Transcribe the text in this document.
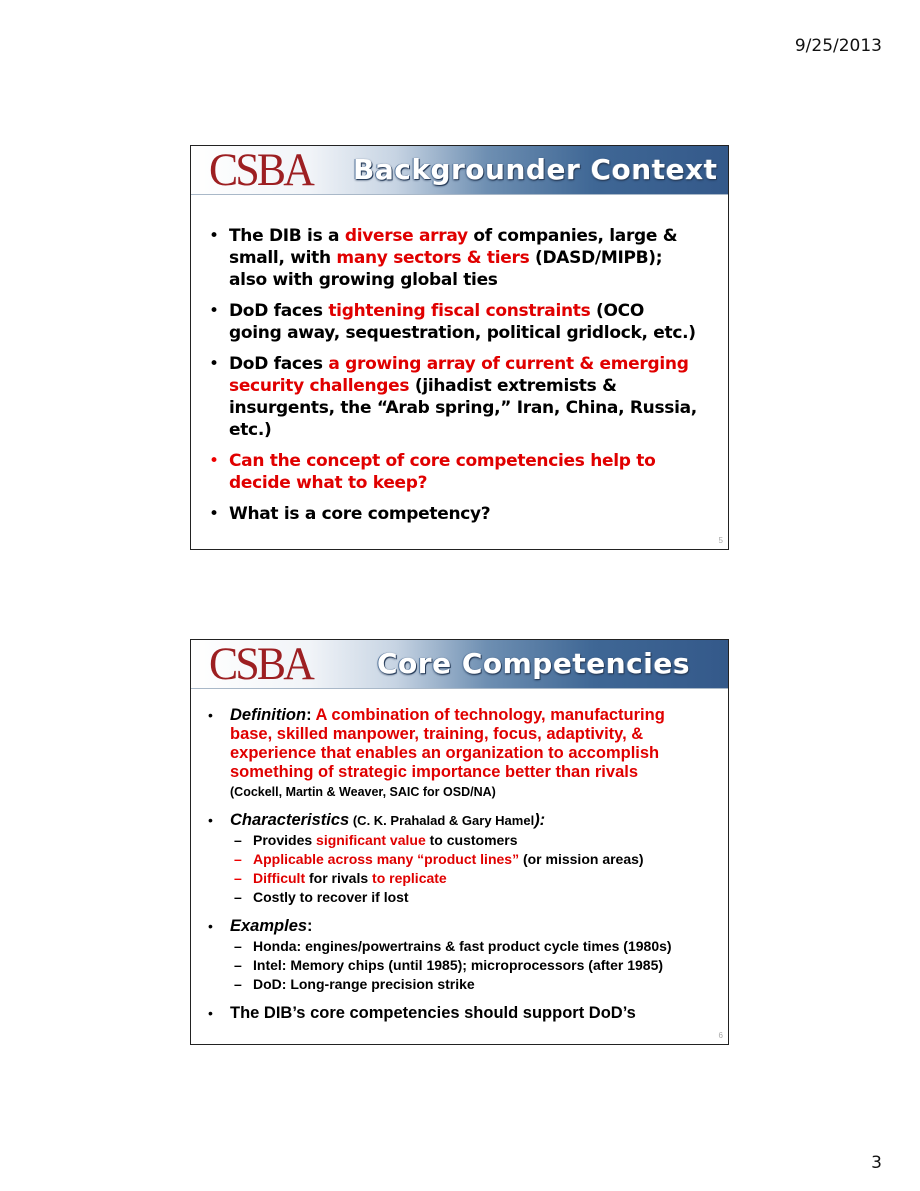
9/25/2013
CSBA Backgrounder Context
• The DIB is a diverse array of companies, large & small, with many sectors & tiers (DASD/MIPB); also with growing global ties
• DoD faces tightening fiscal constraints (OCO going away, sequestration, political gridlock, etc.)
• DoD faces a growing array of current & emerging security challenges (jihadist extremists & insurgents, the “Arab spring,” Iran, China, Russia, etc.)
• Can the concept of core competencies help to decide what to keep?
• What is a core competency?
5
CSBA Core Competencies
• Definition: A combination of technology, manufacturing base, skilled manpower, training, focus, adaptivity, & experience that enables an organization to accomplish something of strategic importance better than rivals
(Cockell, Martin & Weaver, SAIC for OSD/NA)
• Characteristics (C. K. Prahalad & Gary Hamel):
– Provides significant value to customers
– Applicable across many “product lines” (or mission areas)
– Difficult for rivals to replicate
– Costly to recover if lost
• Examples:
– Honda: engines/powertrains & fast product cycle times (1980s)
– Intel: Memory chips (until 1985); microprocessors (after 1985)
– DoD: Long-range precision strike
• The DIB’s core competencies should support DoD’s
6
3
